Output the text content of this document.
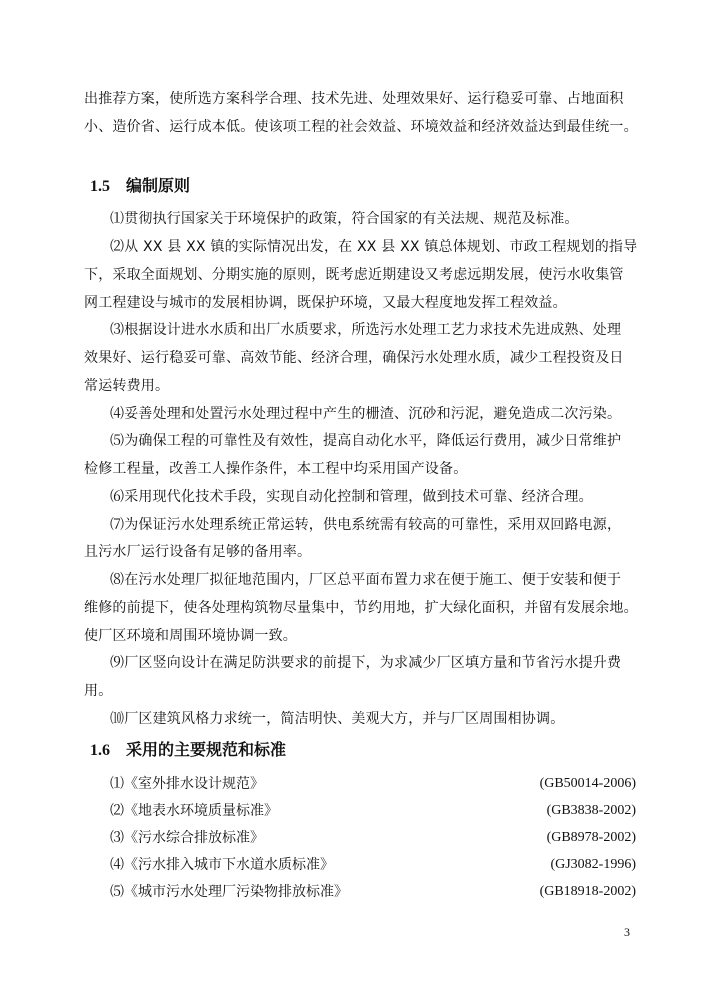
出推荐方案，使所选方案科学合理、技术先进、处理效果好、运行稳妥可靠、占地面积
小、造价省、运行成本低。使该项工程的社会效益、环境效益和经济效益达到最佳统一。
1.5 编制原则
⑴贯彻执行国家关于环境保护的政策，符合国家的有关法规、规范及标准。
⑵从 XX 县 XX 镇的实际情况出发，在 XX 县 XX 镇总体规划、市政工程规划的指导
下，采取全面规划、分期实施的原则，既考虑近期建设又考虑远期发展，使污水收集管
网工程建设与城市的发展相协调，既保护环境，又最大程度地发挥工程效益。
⑶根据设计进水水质和出厂水质要求，所选污水处理工艺力求技术先进成熟、处理
效果好、运行稳妥可靠、高效节能、经济合理，确保污水处理水质，减少工程投资及日
常运转费用。
⑷妥善处理和处置污水处理过程中产生的栅渣、沉砂和污泥，避免造成二次污染。
⑸为确保工程的可靠性及有效性，提高自动化水平，降低运行费用，减少日常维护
检修工程量，改善工人操作条件，本工程中均采用国产设备。
⑹采用现代化技术手段，实现自动化控制和管理，做到技术可靠、经济合理。
⑺为保证污水处理系统正常运转，供电系统需有较高的可靠性，采用双回路电源，
且污水厂运行设备有足够的备用率。
⑻在污水处理厂拟征地范围内，厂区总平面布置力求在便于施工、便于安装和便于
维修的前提下，使各处理构筑物尽量集中，节约用地，扩大绿化面积，并留有发展余地。
使厂区环境和周围环境协调一致。
⑼厂区竖向设计在满足防洪要求的前提下，为求减少厂区填方量和节省污水提升费
用。
⑽厂区建筑风格力求统一，简洁明快、美观大方，并与厂区周围相协调。
1.6 采用的主要规范和标准
⑴《室外排水设计规范》	(GB50014-2006)
⑵《地表水环境质量标准》	(GB3838-2002)
⑶《污水综合排放标准》	(GB8978-2002)
⑷《污水排入城市下水道水质标准》	(GJ3082-1996)
⑸《城市污水处理厂污染物排放标准》	(GB18918-2002)
3
